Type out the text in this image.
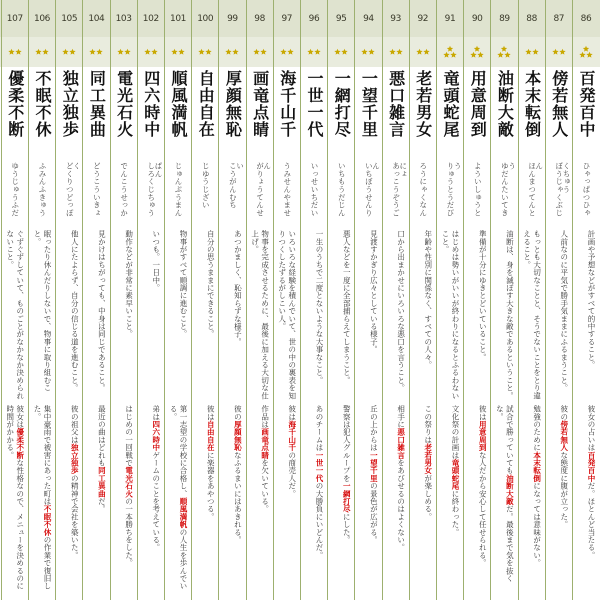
86
百発百中
ひゃっぱつひゃくちゅう
計画や予想などがすべて的中すること。
彼女の占いは百発百中だ。ほとんど当たる。
87
傍若無人
ぼうじゃくぶじん
人前なのに平気で勝手気ままにふるまうこと。
彼の傍若無人な態度に腹が立った。
88
本末転倒
ほんまつてんとう
もっとも大切なことと、そうでないことをとり違えること。
勉強のために本末転倒になっては意味がない。
89
油断大敵
ゆだんたいてき
油断は、身を滅ぼす大きな敵であるということ。
試合で勝っていても油断大敵だ。最後まで気を抜くな。
90
用意周到
よういしゅうとう
準備が十分にゆきとどいていること。
彼は用意周到な人だから安心して任せられる。
91
竜頭蛇尾
りゅうとうだび
はじめは勢いがいいが終わりになるとふるわないこと。
文化祭の計画は竜頭蛇尾に終わった。
92
老若男女
ろうにゃくなんにょ
年齢や性別に関係なく、すべての人々。
この祭りは老若男女が楽しめる。
93
悪口雑言
あっこうぞうごん
口から出まかせにいろいろな悪口を言うこと。
相手に悪口雑言をあびせるのはよくない。
94
一望千里
いちぼうせんり
見渡すかぎり広々としている様子。
丘の上からは一望千里の景色が広がる。
95
一網打尽
いちもうだじん
悪人などを一度に全部捕らえてしまうこと。
警察は犯人グループを一網打尽にした。
96
一世一代
いっせいちだい
一生のうちで二度とないような大事なこと。
あのチームは一世一代の大勝負にいどんだ。
97
海千山千
うみせんやません
いろいろな経験を積んでいて、世の中の裏表を知りつくしたずるがしこい人。
彼は海千山千の商売人だ。
98
画竜点睛
がりょうてんせい
物事を完成させるために、最後に加える大切な仕上げ。
作品は画竜点睛を欠いている。
99
厚顔無恥
こうがんむち
あつかましく、恥知らずな様子。
彼の厚顔無恥なふるまいにはあきれる。
100
自由自在
じゆうじざい
自分の思うままにできること。
彼は自由自在に楽器をあやつる。
101
順風満帆
じゅんぷうまんぱん
物事がすべて順調に進むこと。
第一志望の学校に合格し、順風満帆の人生を歩んでいる。
102
四六時中
しろくじちゅう
いつも。一日中。
弟は四六時中ゲームのことを考えている。
103
電光石火
でんこうせっか
動作などが非常に素早いこと。
はじめの一回戦で電光石火の一本勝ちをした。
104
同工異曲
どうこういきょく
見かけはちがっても、中身は同じであること。
最近の曲はどれも同工異曲だ。
105
独立独歩
どくりつどっぽ
他人にたよらず、自分の信じる道を進むこと。
彼の祖父は独立独歩の精神で会社を築いた。
106
不眠不休
ふみんふきゅう
眠ったり休んだりしないで、物事に取り組むこと。
集中豪雨で被害にあった町は不眠不休の作業で復旧した。
107
優柔不断
ゆうじゅうふだ
ぐずぐずしていて、ものごとがなかなか決められないこと。
彼女は優柔不断な性格なので、メニューを決めるのに時間がかかる。
